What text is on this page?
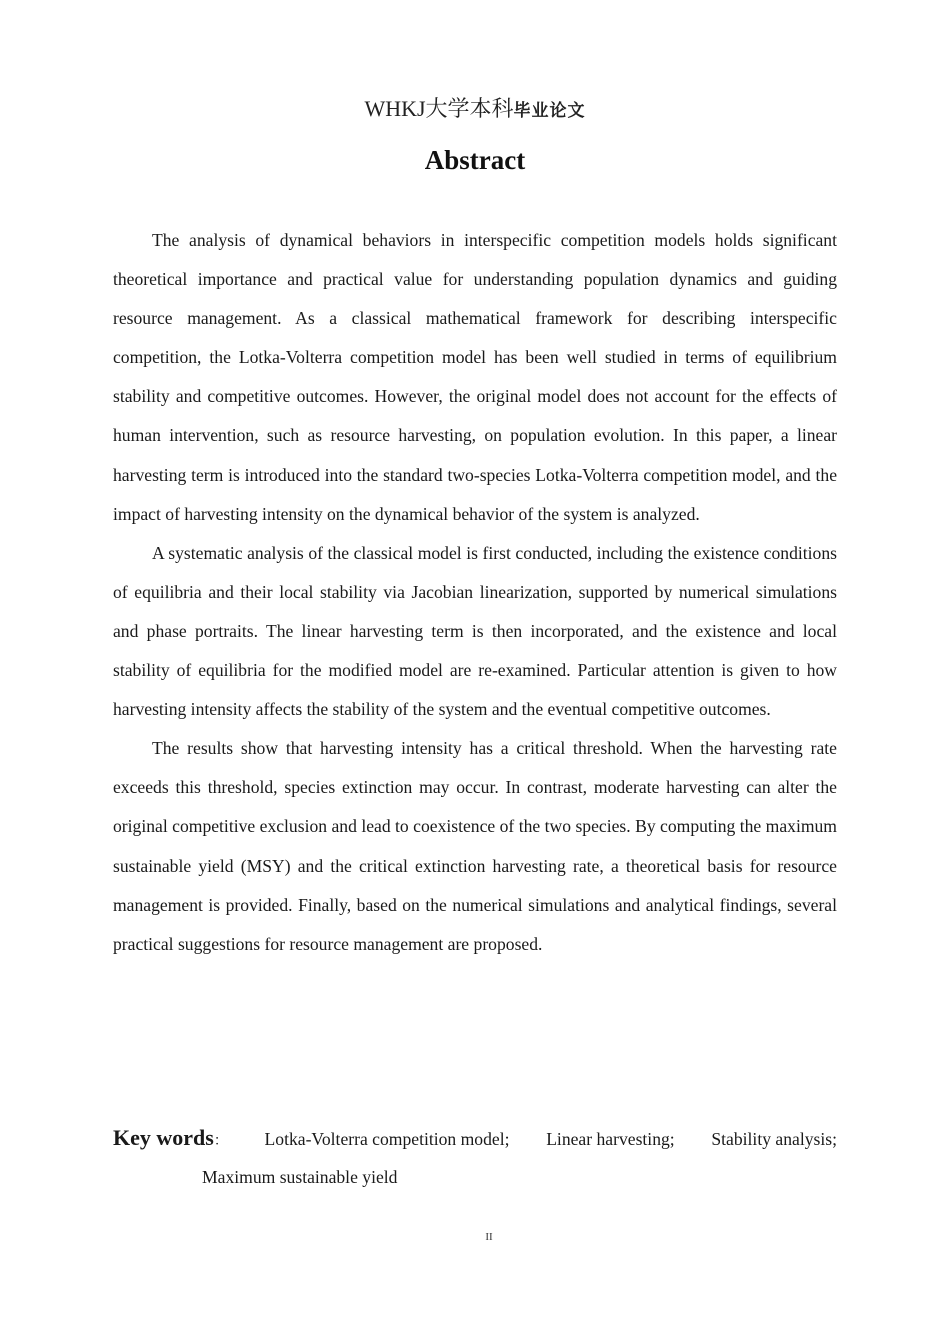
WHKJ大学本科毕业论文
Abstract

The analysis of dynamical behaviors in interspecific competition models holds significant theoretical importance and practical value for understanding population dynamics and guiding resource management. As a classical mathematical framework for describing interspecific competition, the Lotka-Volterra competition model has been well studied in terms of equilibrium stability and competitive outcomes. However, the original model does not account for the effects of human intervention, such as resource harvesting, on population evolution. In this paper, a linear harvesting term is introduced into the standard two-species Lotka-Volterra competition model, and the impact of harvesting intensity on the dynamical behavior of the system is analyzed.

A systematic analysis of the classical model is first conducted, including the existence conditions of equilibria and their local stability via Jacobian linearization, supported by numerical simulations and phase portraits. The linear harvesting term is then incorporated, and the existence and local stability of equilibria for the modified model are re-examined. Particular attention is given to how harvesting intensity affects the stability of the system and the eventual competitive outcomes.

The results show that harvesting intensity has a critical threshold. When the harvesting rate exceeds this threshold, species extinction may occur. In contrast, moderate harvesting can alter the original competitive exclusion and lead to coexistence of the two species. By computing the maximum sustainable yield (MSY) and the critical extinction harvesting rate, a theoretical basis for resource management is provided. Finally, based on the numerical simulations and analytical findings, several practical suggestions for resource management are proposed.

Key words： Lotka-Volterra competition model; Linear harvesting; Stability analysis;
Maximum sustainable yield
II
